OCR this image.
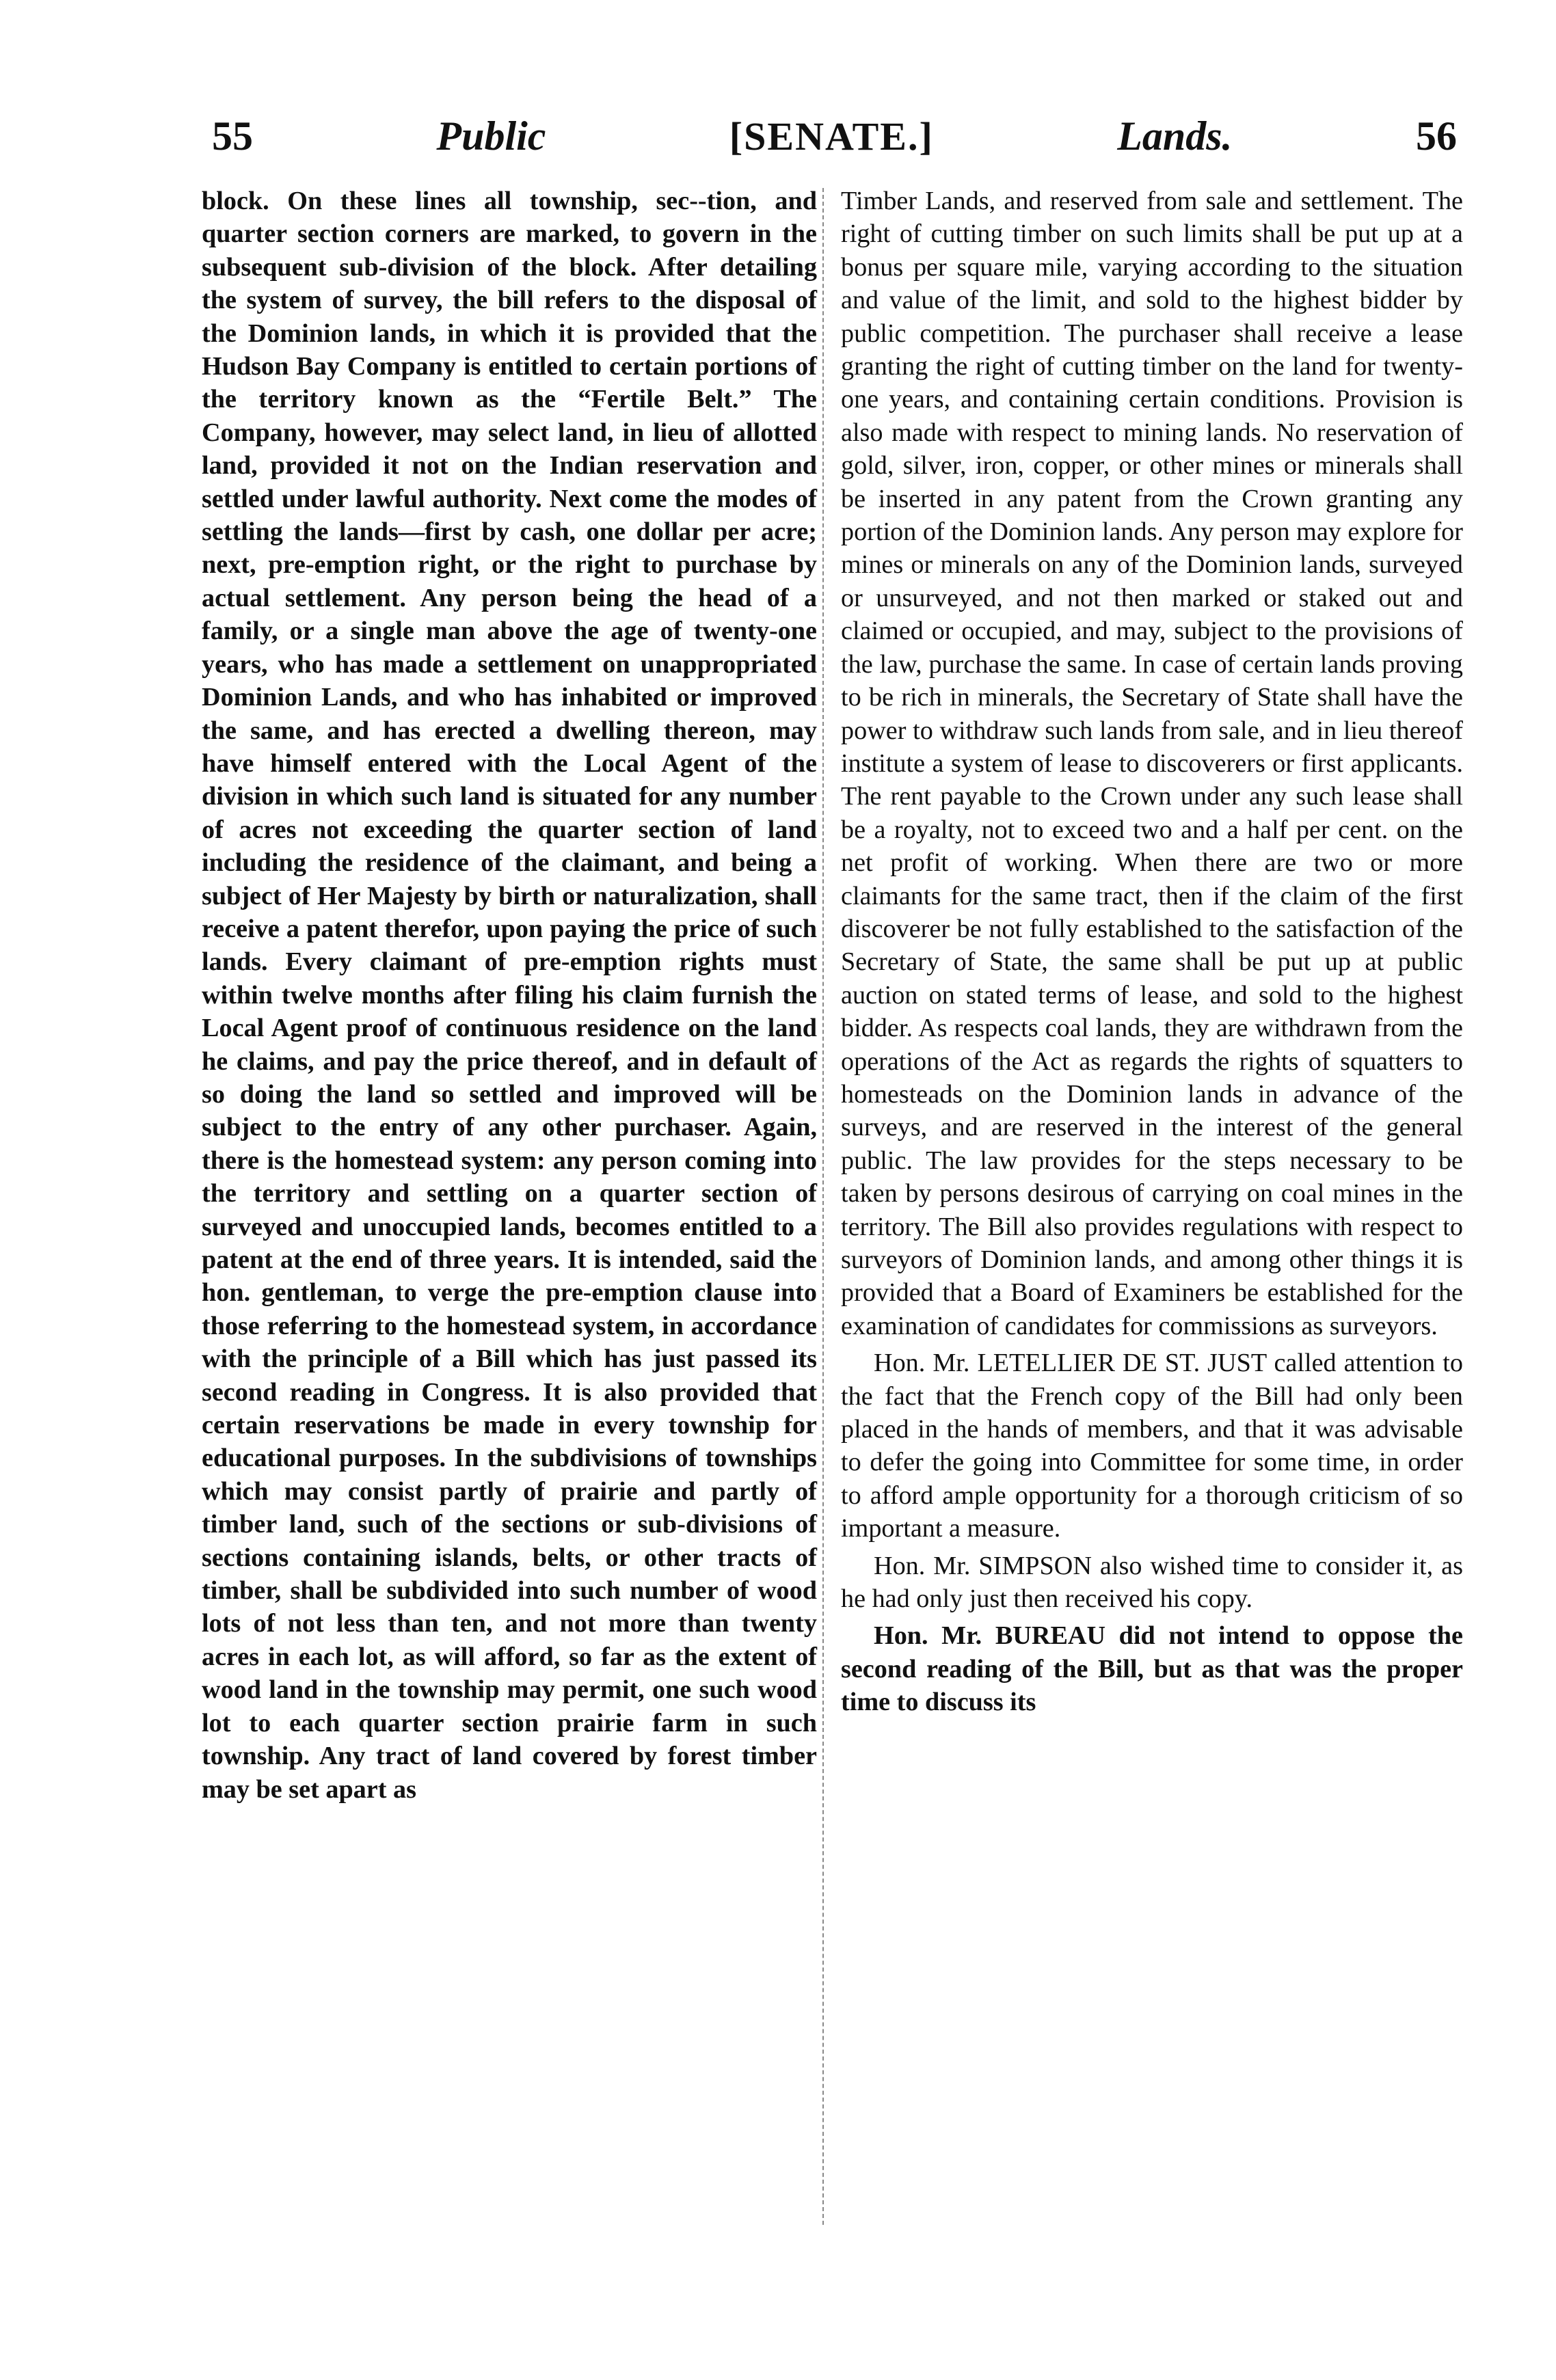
55	Public	[SENATE.]	Lands.	56

block. On these lines all township, sec--tion, and quarter section corners are marked, to govern in the subsequent sub-division of the block. After detailing the system of survey, the bill refers to the disposal of the Dominion lands, in which it is provided that the Hudson Bay Company is entitled to certain portions of the territory known as the “Fertile Belt.” The Company, however, may select land, in lieu of allotted land, provided it not on the Indian reservation and settled under lawful authority. Next come the modes of settling the lands—first by cash, one dollar per acre; next, pre-emption right, or the right to purchase by actual settlement. Any person being the head of a family, or a single man above the age of twenty-one years, who has made a settlement on unappropriated Dominion Lands, and who has inhabited or improved the same, and has erected a dwelling thereon, may have himself entered with the Local Agent of the division in which such land is situated for any number of acres not exceeding the quarter section of land including the residence of the claimant, and being a subject of Her Majesty by birth or naturalization, shall receive a patent therefor, upon paying the price of such lands. Every claimant of pre-emption rights must within twelve months after filing his claim furnish the Local Agent proof of continuous residence on the land he claims, and pay the price thereof, and in default of so doing the land so settled and improved will be subject to the entry of any other purchaser. Again, there is the homestead system: any person coming into the territory and settling on a quarter section of surveyed and unoccupied lands, becomes entitled to a patent at the end of three years. It is intended, said the hon. gentleman, to verge the pre-emption clause into those referring to the homestead system, in accordance with the principle of a Bill which has just passed its second reading in Congress. It is also provided that certain reservations be made in every township for educational purposes. In the subdivisions of townships which may consist partly of prairie and partly of timber land, such of the sections or sub-divisions of sections containing islands, belts, or other tracts of timber, shall be subdivided into such number of wood lots of not less than ten, and not more than twenty acres in each lot, as will afford, so far as the extent of wood land in the township may permit, one such wood lot to each quarter section prairie farm in such township. Any tract of land covered by forest timber may be set apart as

Timber Lands, and reserved from sale and settlement. The right of cutting timber on such limits shall be put up at a bonus per square mile, varying according to the situation and value of the limit, and sold to the highest bidder by public competition. The purchaser shall receive a lease granting the right of cutting timber on the land for twenty-one years, and containing certain conditions. Provision is also made with respect to mining lands. No reservation of gold, silver, iron, copper, or other mines or minerals shall be inserted in any patent from the Crown granting any portion of the Dominion lands. Any person may explore for mines or minerals on any of the Dominion lands, surveyed or unsurveyed, and not then marked or staked out and claimed or occupied, and may, subject to the provisions of the law, purchase the same. In case of certain lands proving to be rich in minerals, the Secretary of State shall have the power to withdraw such lands from sale, and in lieu thereof institute a system of lease to discoverers or first applicants. The rent payable to the Crown under any such lease shall be a royalty, not to exceed two and a half per cent. on the net profit of working. When there are two or more claimants for the same tract, then if the claim of the first discoverer be not fully established to the satisfaction of the Secretary of State, the same shall be put up at public auction on stated terms of lease, and sold to the highest bidder. As respects coal lands, they are withdrawn from the operations of the Act as regards the rights of squatters to homesteads on the Dominion lands in advance of the surveys, and are reserved in the interest of the general public. The law provides for the steps necessary to be taken by persons desirous of carrying on coal mines in the territory. The Bill also provides regulations with respect to surveyors of Dominion lands, and among other things it is provided that a Board of Examiners be established for the examination of candidates for commissions as surveyors.

Hon. Mr. LETELLIER DE ST. JUST called attention to the fact that the French copy of the Bill had only been placed in the hands of members, and that it was advisable to defer the going into Committee for some time, in order to afford ample opportunity for a thorough criticism of so important a measure.

Hon. Mr. SIMPSON also wished time to consider it, as he had only just then received his copy.

Hon. Mr. BUREAU did not intend to oppose the second reading of the Bill, but as that was the proper time to discuss its
